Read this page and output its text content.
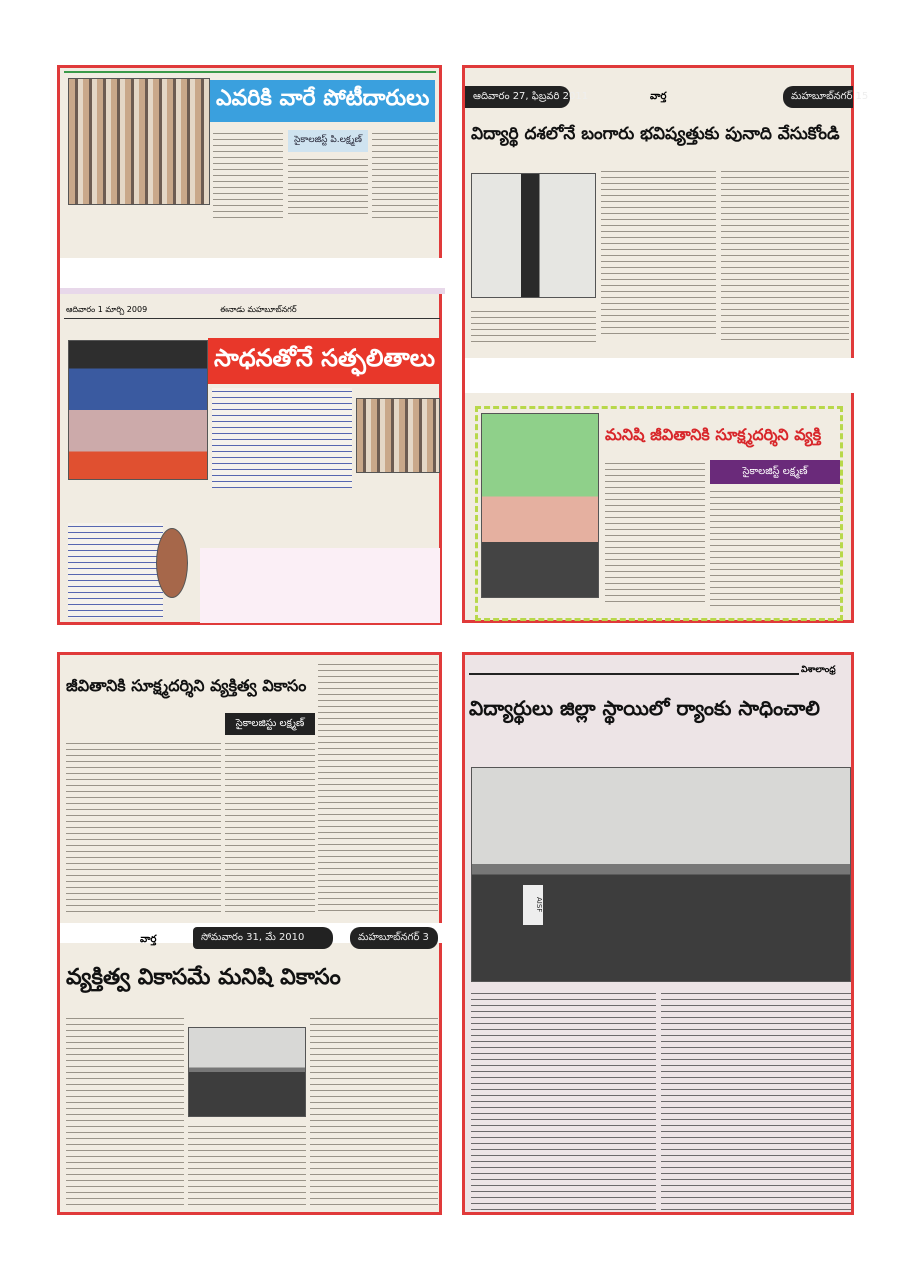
ఎవరికి వారే పోటీదారులు
సైకాలజిస్ట్ పి.లక్ష్మణ్
ఆదివారం 1 మార్చి 2009	ఈనాడు మహబూబ్‌నగర్
సాధనతోనే సత్ఫలితాలు
ఆదివారం 27, ఫిబ్రవరి 2011	వార్త	మహబూబ్‌నగర్ 15
విద్యార్థి దశలోనే బంగారు భవిష్యత్తుకు పునాది వేసుకోండి
మనిషి జీవితానికి సూక్ష్మదర్శిని వ్యక్తి
సైకాలజిస్ట్ లక్ష్మణ్
జీవితానికి సూక్ష్మదర్శిని వ్యక్తిత్వ వికాసం
సైకాలజిస్టు లక్ష్మణ్
వార్త	సోమవారం 31, మే 2010	మహబూబ్‌నగర్ 3
వ్యక్తిత్వ వికాసమే మనిషి వికాసం
విశాలాంధ్ర
విద్యార్థులు జిల్లా స్థాయిలో ర్యాంకు సాధించాలి
AISF
